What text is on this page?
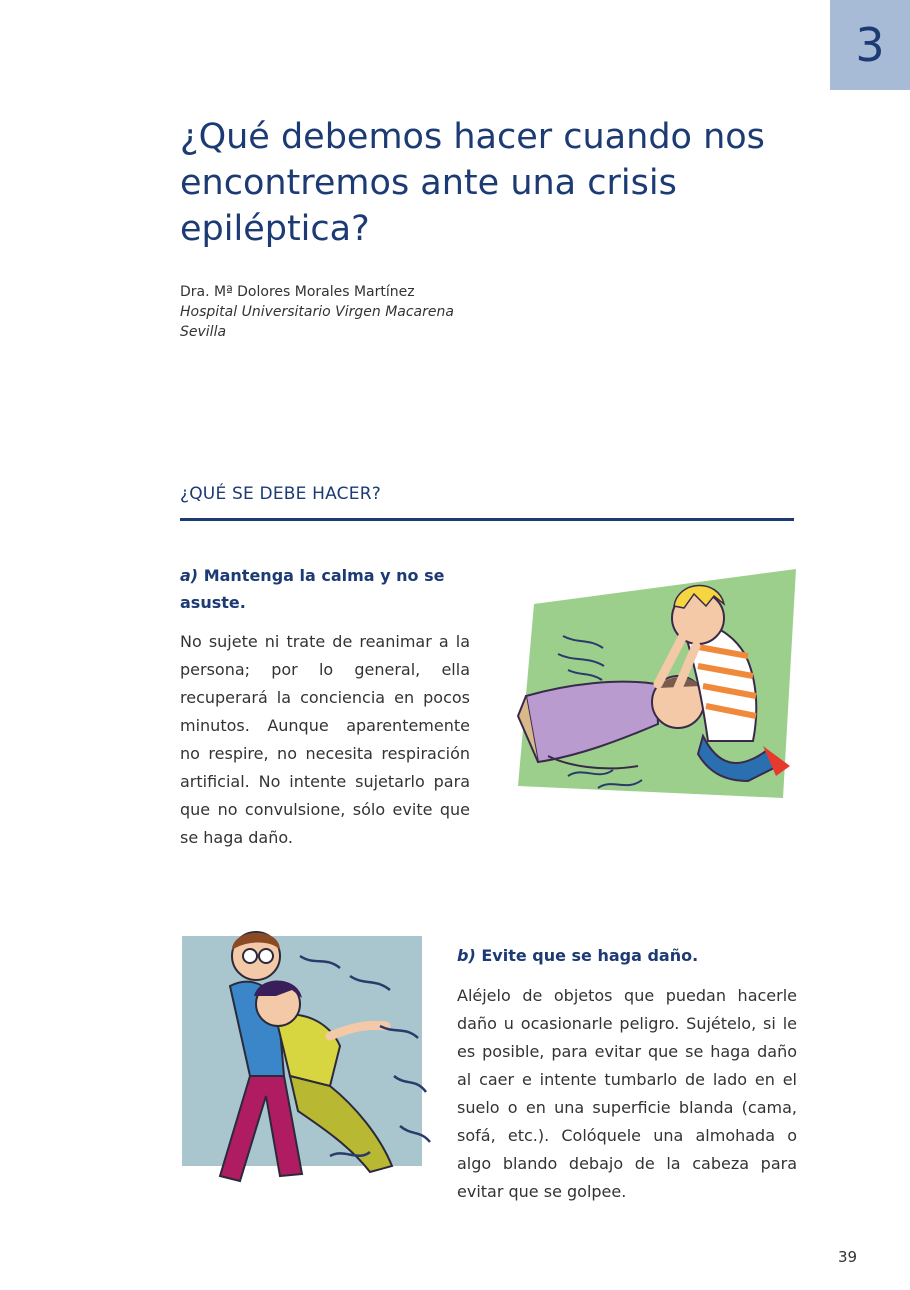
3
¿Qué debemos hacer cuando nos encontremos ante una crisis epiléptica?
Dra. Mª Dolores Morales Martínez
Hospital Universitario Virgen Macarena
Sevilla
¿QUÉ SE DEBE HACER?
a) Mantenga la calma y no se asuste.

No sujete ni trate de reanimar a la persona; por lo general, ella recuperará la conciencia en pocos minutos. Aunque aparentemente no respire, no necesita respiración artificial. No intente sujetarlo para que no convulsione, sólo evite que se haga daño.

b) Evite que se haga daño.

Aléjelo de objetos que puedan hacerle daño u ocasionarle peligro. Sujételo, si le es posible, para evitar que se haga daño al caer e intente tumbarlo de lado en el suelo o en una superficie blanda (cama, sofá, etc.). Colóquele una almohada o algo blando debajo de la cabeza para evitar que se golpee.

39
